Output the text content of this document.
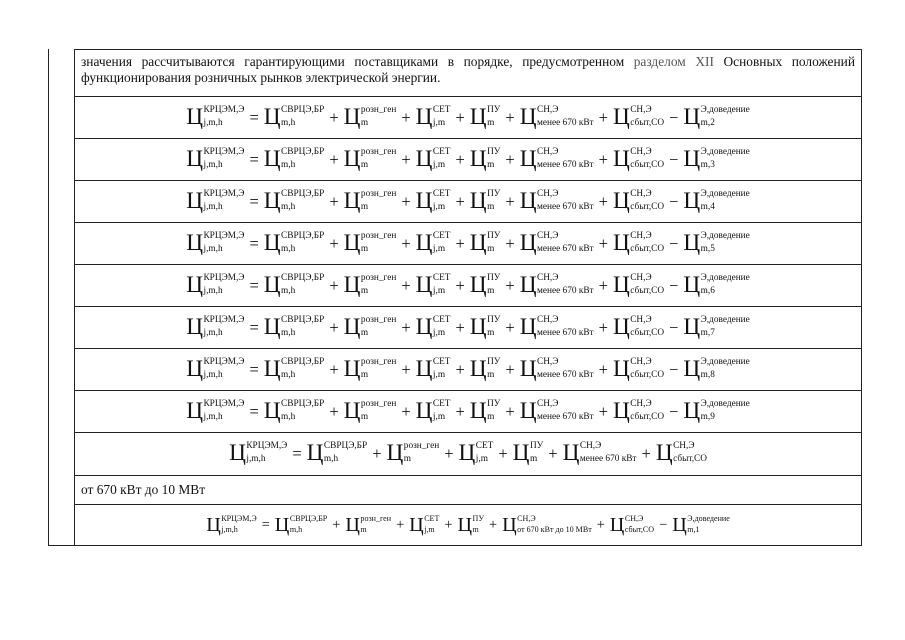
значения рассчитываются гарантирующими поставщиками в порядке, предусмотренном разделом XII Основных положений функционирования розничных рынков электрической энергии.
Ц КРЦЭМ,Э
j,m,h	= Ц СВРЦЭ,БР
m,h	+ Ц розн_ген
m	+ Ц СЕТ
j,m + Ц ПУ
m + Ц СН,Э
менее 670 кВт + Ц СН,Э
сбыт,СО − Ц Э,доведение
m,2
Ц КРЦЭМ,Э
j,m,h	= Ц СВРЦЭ,БР
m,h	+ Ц розн_ген
m	+ Ц СЕТ
j,m + Ц ПУ
m + Ц СН,Э
менее 670 кВт + Ц СН,Э
сбыт,СО − Ц Э,доведение
m,3
Ц КРЦЭМ,Э
j,m,h	= Ц СВРЦЭ,БР
m,h	+ Ц розн_ген
m	+ Ц СЕТ
j,m + Ц ПУ
m + Ц СН,Э
менее 670 кВт + Ц СН,Э
сбыт,СО − Ц Э,доведение
m,4
Ц КРЦЭМ,Э
j,m,h	= Ц СВРЦЭ,БР
m,h	+ Ц розн_ген
m	+ Ц СЕТ
j,m + Ц ПУ
m + Ц СН,Э
менее 670 кВт + Ц СН,Э
сбыт,СО − Ц Э,доведение
m,5
Ц КРЦЭМ,Э
j,m,h	= Ц СВРЦЭ,БР
m,h	+ Ц розн_ген
m	+ Ц СЕТ
j,m + Ц ПУ
m + Ц СН,Э
менее 670 кВт + Ц СН,Э
сбыт,СО − Ц Э,доведение
m,6
Ц КРЦЭМ,Э
j,m,h	= Ц СВРЦЭ,БР
m,h	+ Ц розн_ген
m	+ Ц СЕТ
j,m + Ц ПУ
m + Ц СН,Э
менее 670 кВт + Ц СН,Э
сбыт,СО − Ц Э,доведение
m,7
Ц КРЦЭМ,Э
j,m,h	= Ц СВРЦЭ,БР
m,h	+ Ц розн_ген
m	+ Ц СЕТ
j,m + Ц ПУ
m + Ц СН,Э
менее 670 кВт + Ц СН,Э
сбыт,СО − Ц Э,доведение
m,8
Ц КРЦЭМ,Э
j,m,h	= Ц СВРЦЭ,БР
m,h	+ Ц розн_ген
m	+ Ц СЕТ
j,m + Ц ПУ
m + Ц СН,Э
менее 670 кВт + Ц СН,Э
сбыт,СО − Ц Э,доведение
m,9
Ц КРЦЭМ,Э
j,m,h	= Ц СВРЦЭ,БР
m,h	+ Ц розн_ген
m	+ Ц СЕТ
j,m + Ц ПУ
m + Ц СН,Э
менее 670 кВт + Ц СН,Э
сбыт,СО
от 670 кВт до 10 МВт
Ц КРЦЭМ,Э
j,m,h	= Ц СВРЦЭ,БР
m,h	+ Ц розн_ген
m	+ Ц СЕТ
j,m + Ц ПУ
m + Ц СН,Э
от 670 кВт до 10 МВт + Ц СН,Э
сбыт,СО − Ц Э,доведение
m,1
